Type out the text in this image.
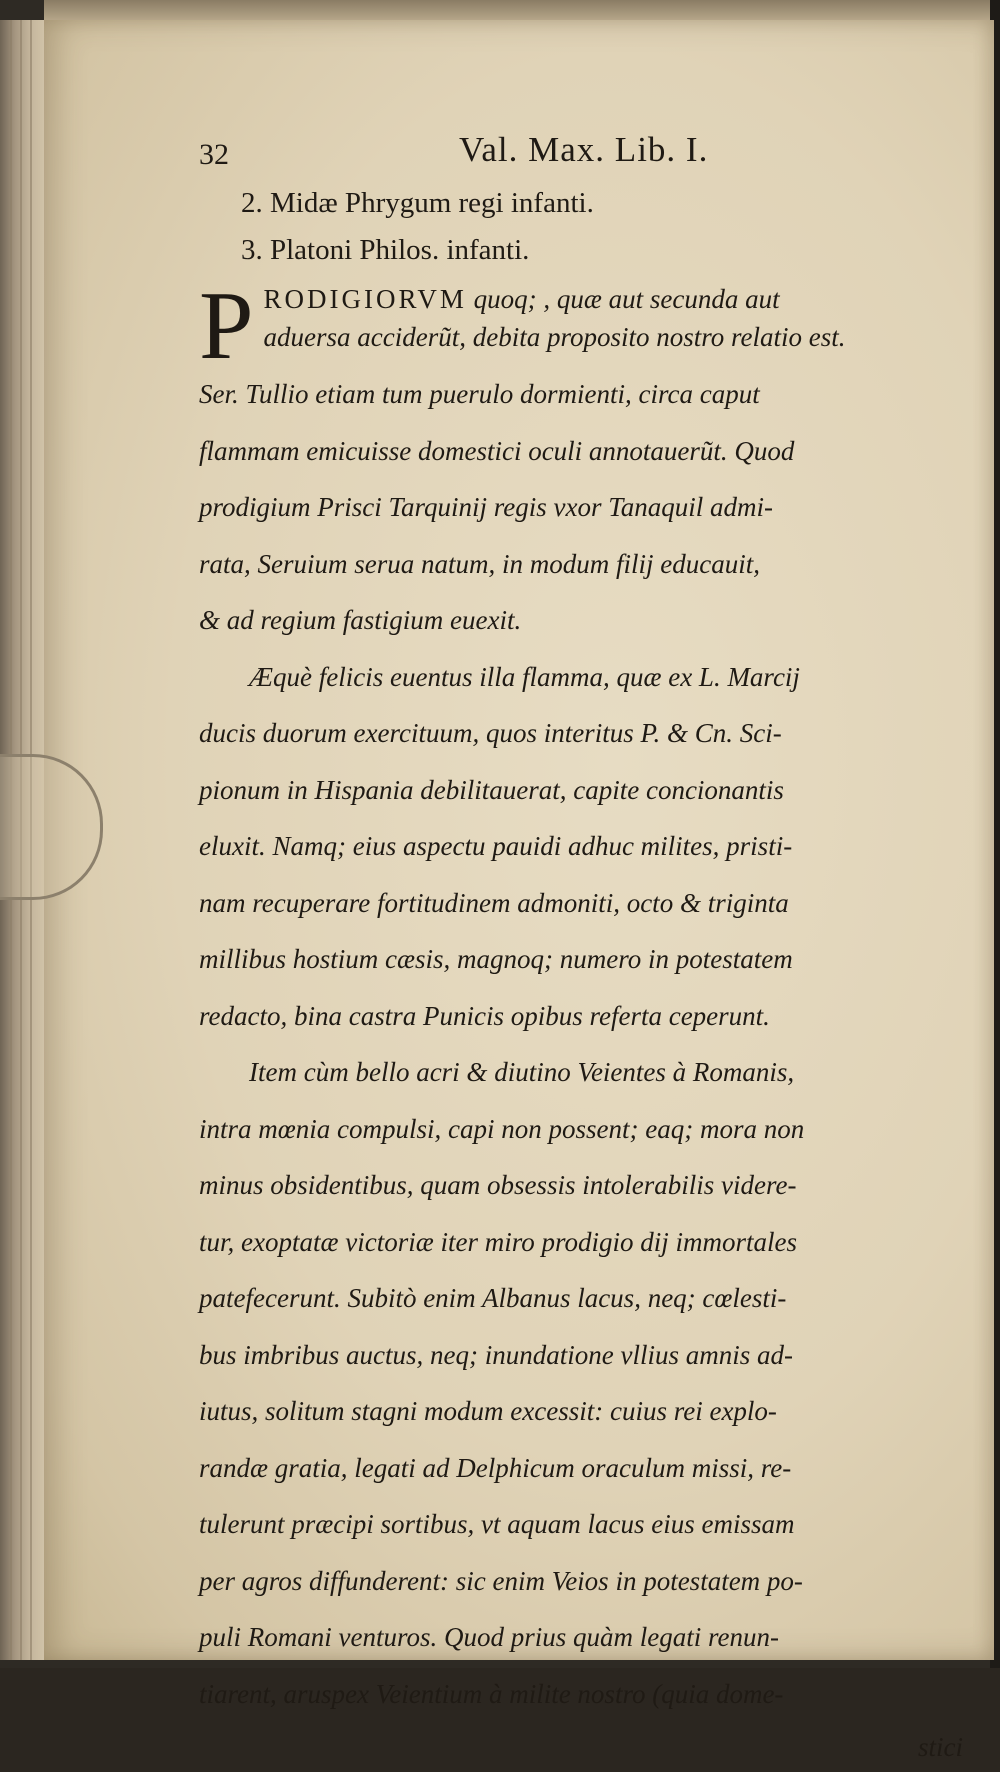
32	Val. Max. Lib. I.
2. Midæ Phrygum regi infanti.
3. Platoni Philos. infanti.
P RODIGIORVM quoq; , quæ aut secunda aut
aduersa acciderũt, debita proposito nostro relatio est.
Ser. Tullio etiam tum puerulo dormienti, circa caput
flammam emicuisse domestici oculi annotauerũt. Quod
prodigium Prisci Tarquinij regis vxor Tanaquil admi-
rata, Seruium serua natum, in modum filij educauit,
& ad regium fastigium euexit.
Æquè felicis euentus illa flamma, quæ ex L. Marcij
ducis duorum exercituum, quos interitus P. & Cn. Sci-
pionum in Hispania debilitauerat, capite concionantis
eluxit. Namq; eius aspectu pauidi adhuc milites, pristi-
nam recuperare fortitudinem admoniti, octo & triginta
millibus hostium cæsis, magnoq; numero in potestatem
redacto, bina castra Punicis opibus referta ceperunt.
Item cùm bello acri & diutino Veientes à Romanis,
intra mœnia compulsi, capi non possent; eaq; mora non
minus obsidentibus, quam obsessis intolerabilis videre-
tur, exoptatæ victoriæ iter miro prodigio dij immortales
patefecerunt. Subitò enim Albanus lacus, neq; cœlesti-
bus imbribus auctus, neq; inundatione vllius amnis ad-
iutus, solitum stagni modum excessit: cuius rei explo-
randæ gratia, legati ad Delphicum oraculum missi, re-
tulerunt præcipi sortibus, vt aquam lacus eius emissam
per agros diffunderent: sic enim Veios in potestatem po-
puli Romani venturos. Quod prius quàm legati renun-
tiarent, aruspex Veientium à milite nostro (quia dome-
stici
